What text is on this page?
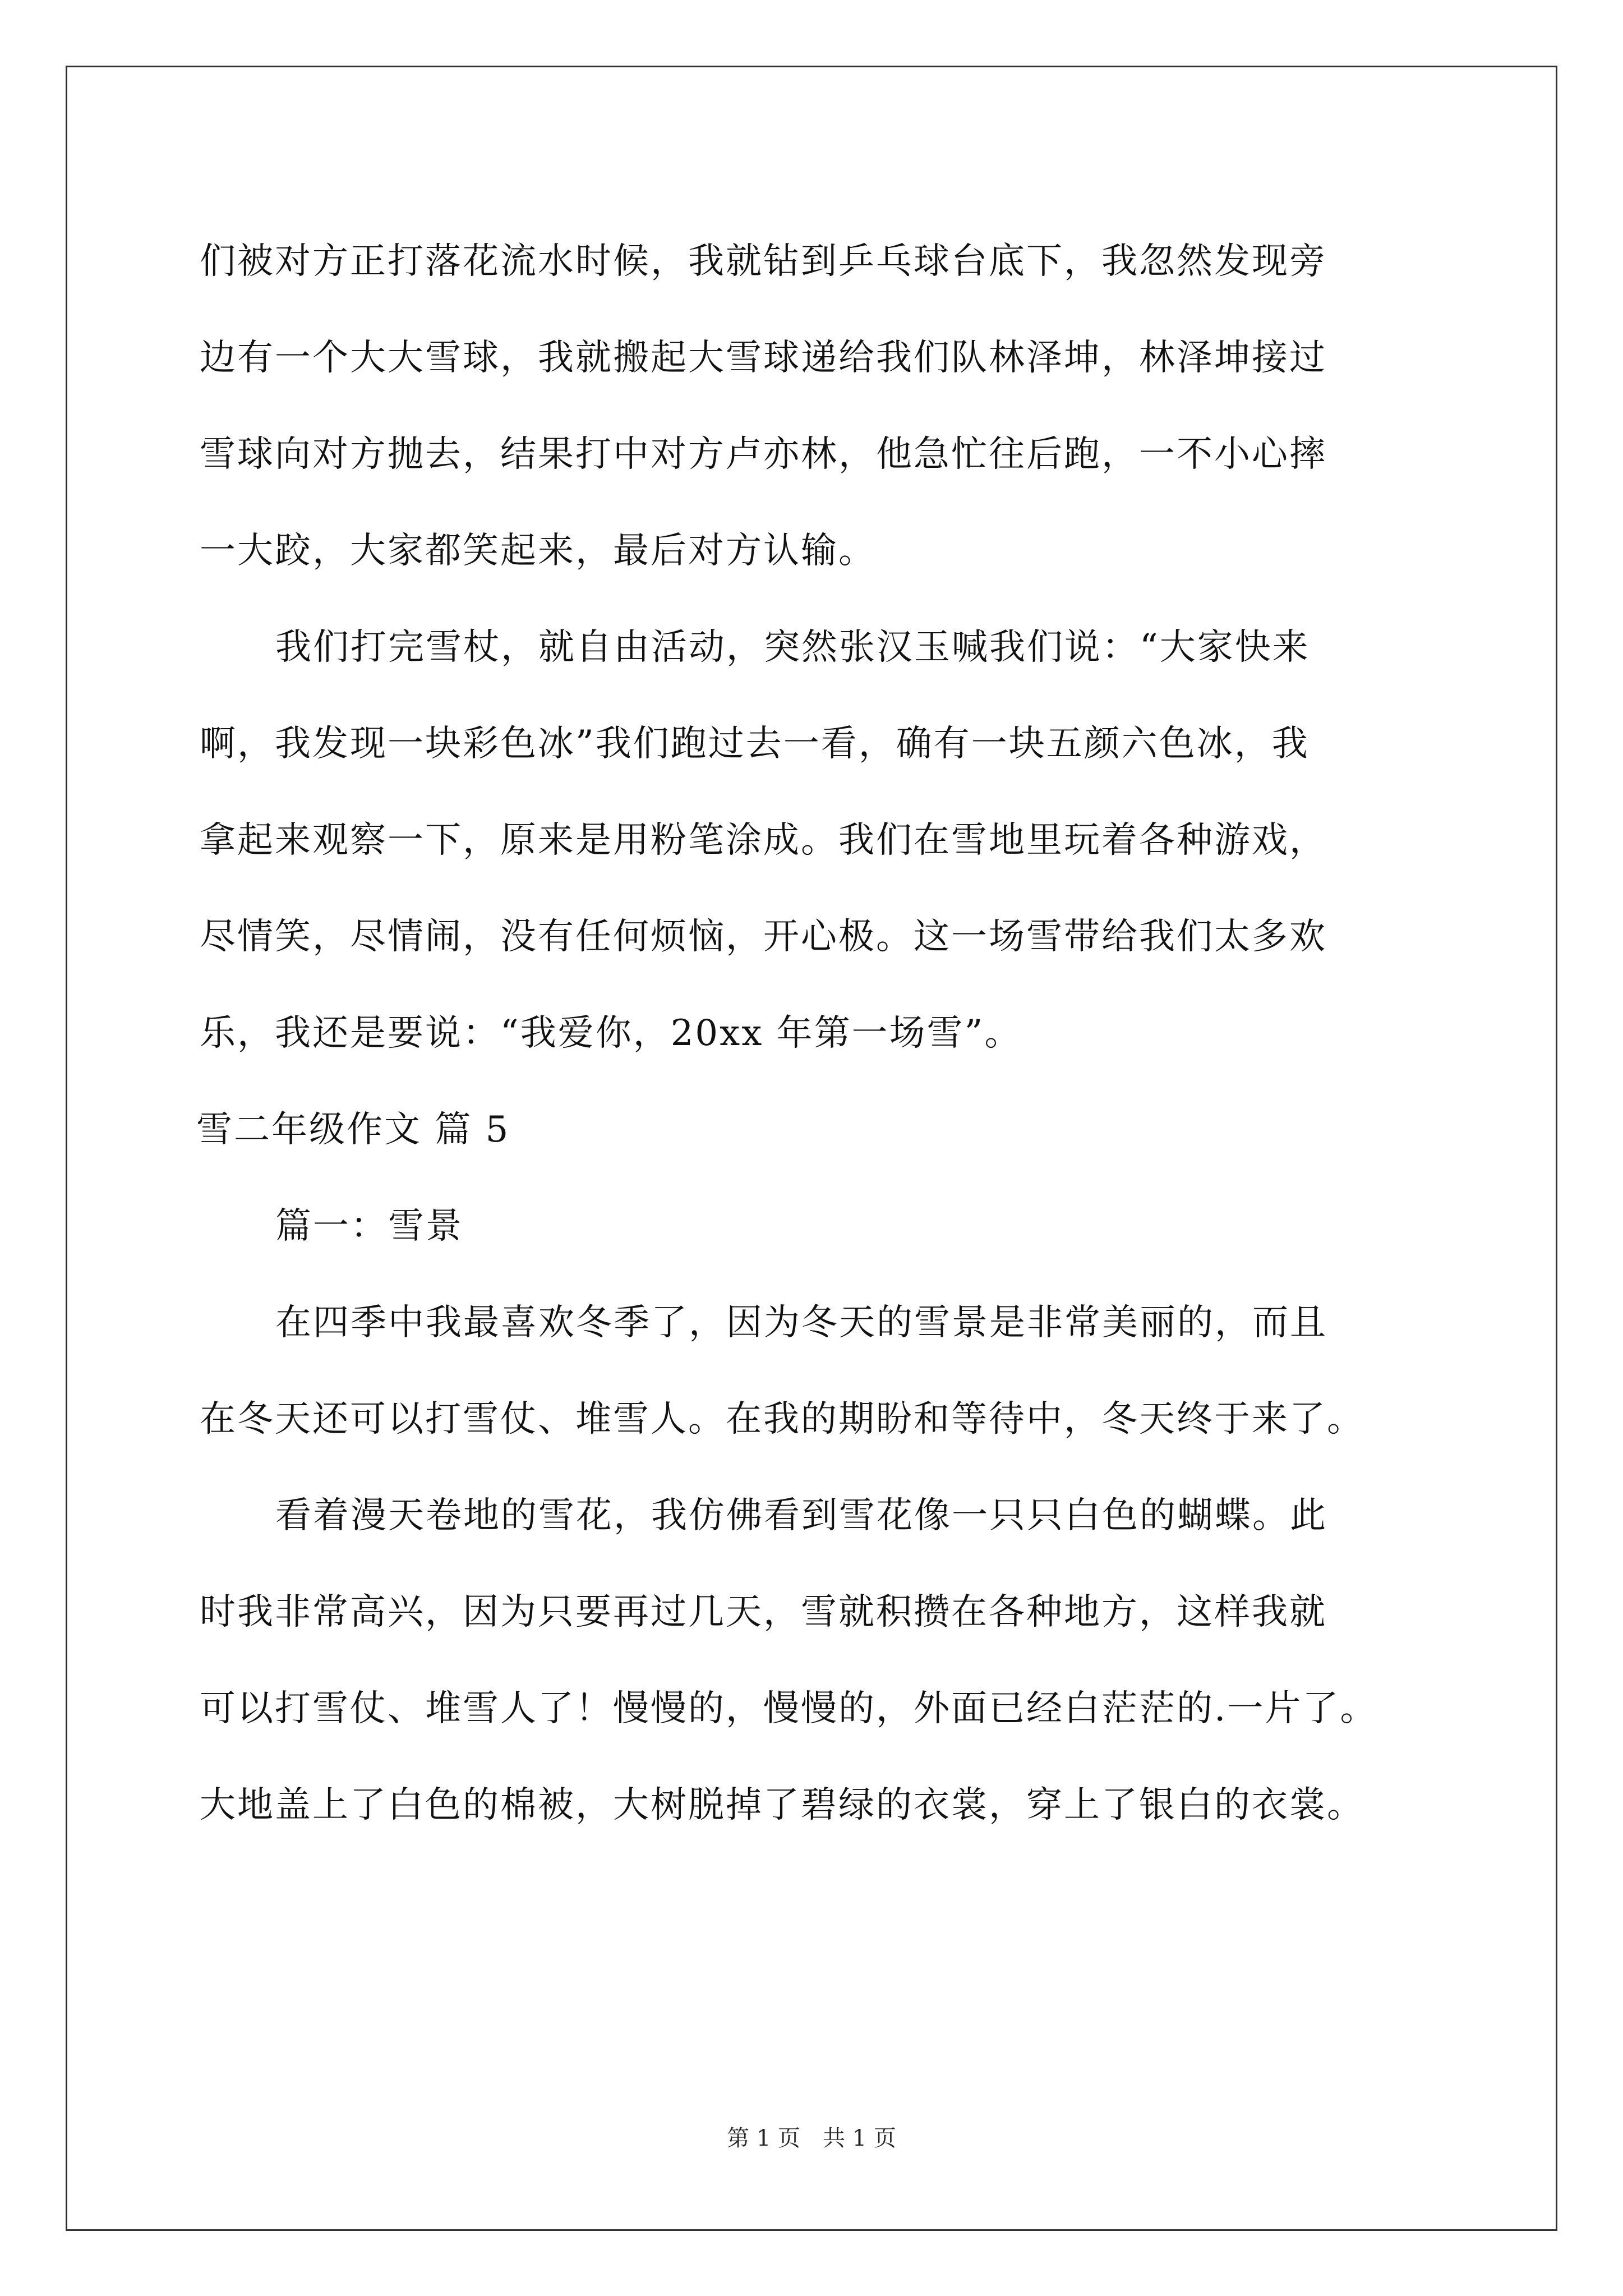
们被对方正打落花流水时候，我就钻到乒乓球台底下，我忽然发现旁
边有一个大大雪球，我就搬起大雪球递给我们队林泽坤，林泽坤接过
雪球向对方抛去，结果打中对方卢亦林，他急忙往后跑，一不小心摔
一大跤，大家都笑起来，最后对方认输。
我们打完雪杖，就自由活动，突然张汉玉喊我们说：“大家快来
啊，我发现一块彩色冰”我们跑过去一看，确有一块五颜六色冰，我
拿起来观察一下，原来是用粉笔涂成。我们在雪地里玩着各种游戏，
尽情笑，尽情闹，没有任何烦恼，开心极。这一场雪带给我们太多欢
乐，我还是要说：“我爱你，20xx 年第一场雪”。
雪二年级作文 篇 5
篇一：雪景
在四季中我最喜欢冬季了，因为冬天的雪景是非常美丽的，而且
在冬天还可以打雪仗、堆雪人。在我的期盼和等待中，冬天终于来了。
看着漫天卷地的雪花，我仿佛看到雪花像一只只白色的蝴蝶。此
时我非常高兴，因为只要再过几天，雪就积攒在各种地方，这样我就
可以打雪仗、堆雪人了！慢慢的，慢慢的，外面已经白茫茫的.一片了。
大地盖上了白色的棉被，大树脱掉了碧绿的衣裳，穿上了银白的衣裳。
第 1 页　共 1 页
